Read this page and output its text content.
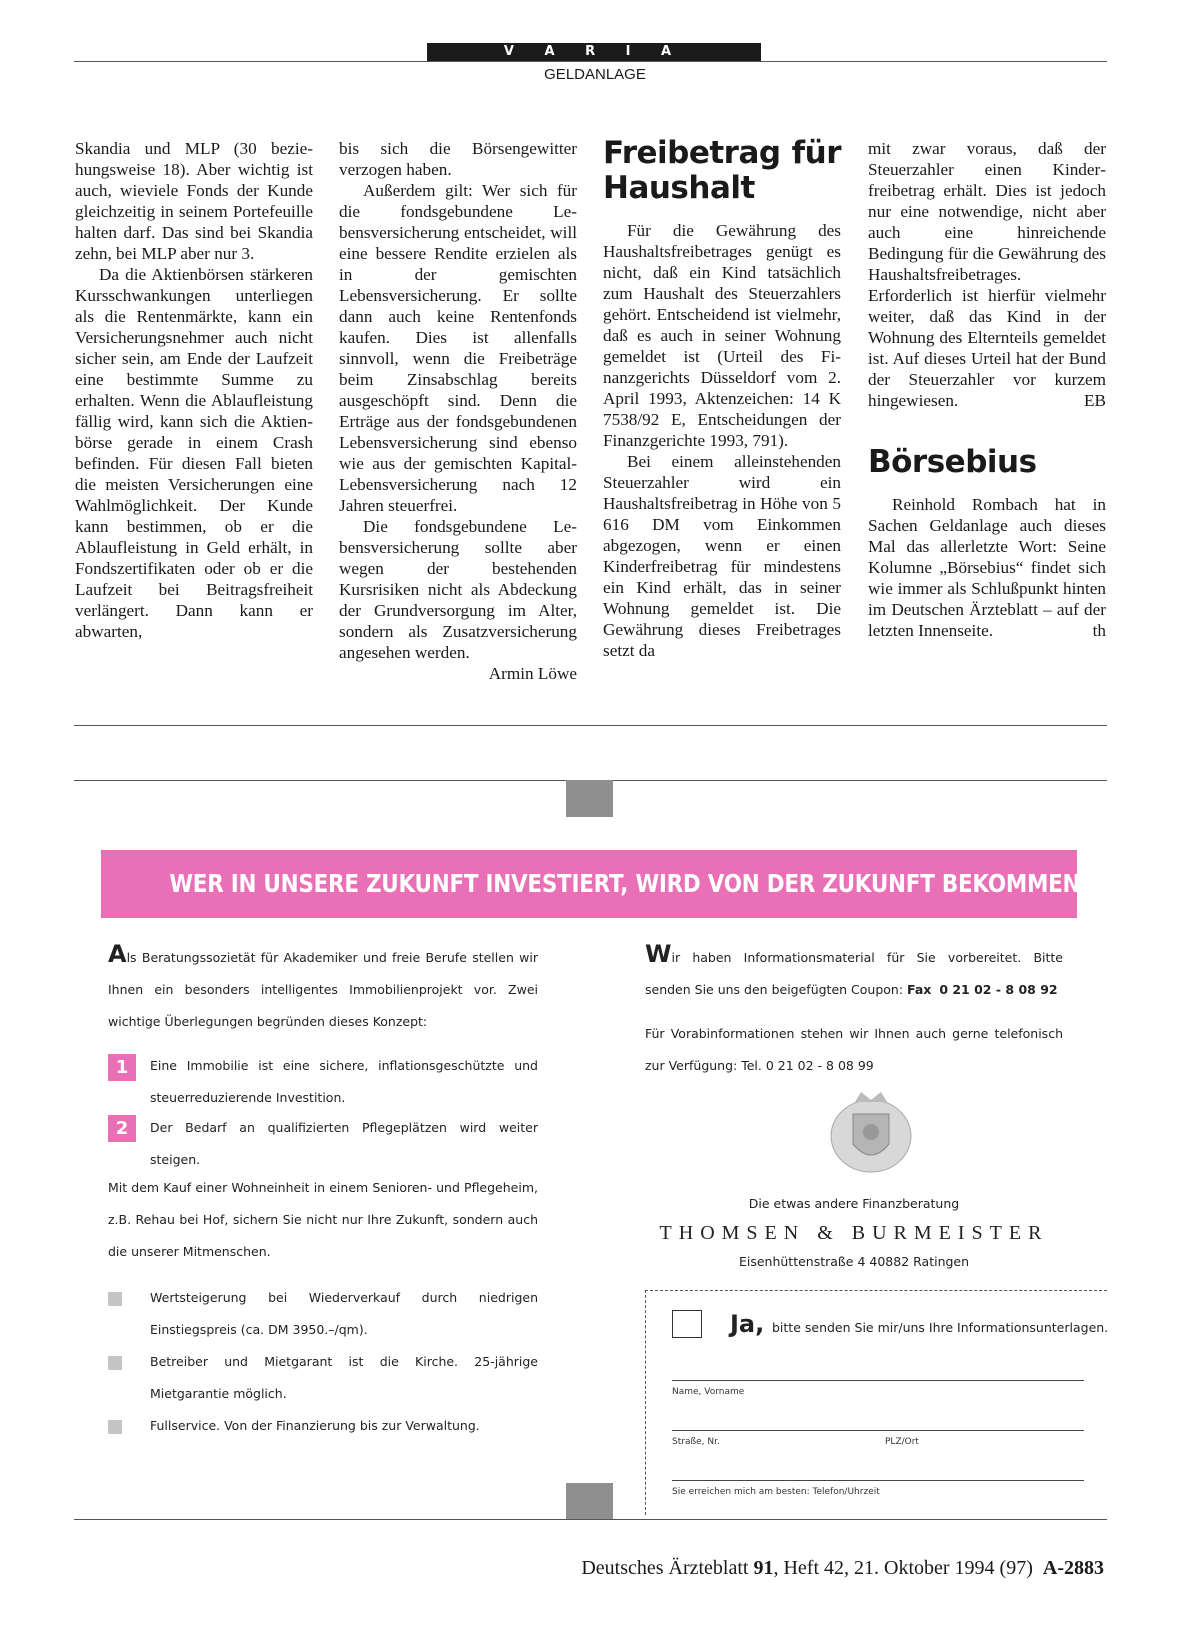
V A R I A
GELDANLAGE

Skandia und MLP (30 beziehungsweise 18). Aber wichtig ist auch, wieviele Fonds der Kunde gleichzeitig in seinem Portefeuille halten darf. Das sind bei Skandia zehn, bei MLP aber nur 3.

Da die Aktienbörsen stärkeren Kursschwankungen unterliegen als die Rentenmärkte, kann ein Versicherungsnehmer auch nicht sicher sein, am Ende der Laufzeit eine bestimmte Summe zu erhalten. Wenn die Ablaufleistung fällig wird, kann sich die Aktienbörse gerade in einem Crash befinden. Für diesen Fall bieten die meisten Versicherungen eine Wahlmöglichkeit. Der Kunde kann bestimmen, ob er die Ablaufleistung in Geld erhält, in Fondszertifikaten oder ob er die Laufzeit bei Beitragsfreiheit verlängert. Dann kann er abwarten,

bis sich die Börsengewitter verzogen haben.

Außerdem gilt: Wer sich für die fondsgebundene Lebensversicherung entscheidet, will eine bessere Rendite erzielen als in der gemischten Lebensversicherung. Er sollte dann auch keine Rentenfonds kaufen. Dies ist allenfalls sinnvoll, wenn die Freibeträge beim Zinsabschlag bereits ausgeschöpft sind. Denn die Erträge aus der fondsgebundenen Lebensversicherung sind ebenso wie aus der gemischten Kapital-Lebensversicherung nach 12 Jahren steuerfrei.

Die fondsgebundene Lebensversicherung sollte aber wegen der bestehenden Kursrisiken nicht als Abdeckung der Grundversorgung im Alter, sondern als Zusatzversicherung angesehen werden.
Armin Löwe

Freibetrag für Haushalt

Für die Gewährung des Haushaltsfreibetrages genügt es nicht, daß ein Kind tatsächlich zum Haushalt des Steuerzahlers gehört. Entscheidend ist vielmehr, daß es auch in seiner Wohnung gemeldet ist (Urteil des Finanzgerichts Düsseldorf vom 2. April 1993, Aktenzeichen: 14 K 7538/92 E, Entscheidungen der Finanzgerichte 1993, 791).

Bei einem alleinstehenden Steuerzahler wird ein Haushaltsfreibetrag in Höhe von 5 616 DM vom Einkommen abgezogen, wenn er einen Kinderfreibetrag für mindestens ein Kind erhält, das in seiner Wohnung gemeldet ist. Die Gewährung dieses Freibetrages setzt da

mit zwar voraus, daß der Steuerzahler einen Kinderfreibetrag erhält. Dies ist jedoch nur eine notwendige, nicht aber auch eine hinreichende Bedingung für die Gewährung des Haushaltsfreibetrages. Erforderlich ist hierfür vielmehr weiter, daß das Kind in der Wohnung des Elternteils gemeldet ist. Auf dieses Urteil hat der Bund der Steuerzahler vor kurzem hingewiesen.	EB

Börsebius

Reinhold Rombach hat in Sachen Geldanlage auch dieses Mal das allerletzte Wort: Seine Kolumne „Börsebius“ findet sich wie immer als Schlußpunkt hinten im Deutschen Ärzteblatt – auf der letzten Innenseite.	th

WER IN UNSERE ZUKUNFT INVESTIERT, WIRD VON DER ZUKUNFT BEKOMMEN.
Als Beratungssozietät für Akademiker und freie Berufe stellen wir Ihnen ein besonders intelligentes Immobilienprojekt vor. Zwei wichtige Überlegungen begründen dieses Konzept:
1	Eine Immobilie ist eine sichere, inflationsgeschützte und steuerreduzierende Investition.
2	Der Bedarf an qualifizierten Pflegeplätzen wird weiter steigen.
Mit dem Kauf einer Wohneinheit in einem Senioren- und Pflegeheim, z.B. Rehau bei Hof, sichern Sie nicht nur Ihre Zukunft, sondern auch die unserer Mitmenschen.
Wertsteigerung bei Wiederverkauf durch niedrigen Einstiegspreis (ca. DM 3950.–/qm).
Betreiber und Mietgarant ist die Kirche. 25-jährige Mietgarantie möglich.
Fullservice. Von der Finanzierung bis zur Verwaltung.
Wir haben Informationsmaterial für Sie vorbereitet. Bitte senden Sie uns den beigefügten Coupon: Fax 0 21 02 - 8 08 92
Für Vorabinformationen stehen wir Ihnen auch gerne telefonisch zur Verfügung: Tel. 0 21 02 - 8 08 99
Die etwas andere Finanzberatung
THOMSEN & BURMEISTER
Eisenhüttenstraße 4 40882 Ratingen
Ja, bitte senden Sie mir/uns Ihre Informationsunterlagen.
Name, Vorname
Straße, Nr.	PLZ/Ort
Sie erreichen mich am besten: Telefon/Uhrzeit
Deutsches Ärzteblatt 91, Heft 42, 21. Oktober 1994 (97) A-2883
